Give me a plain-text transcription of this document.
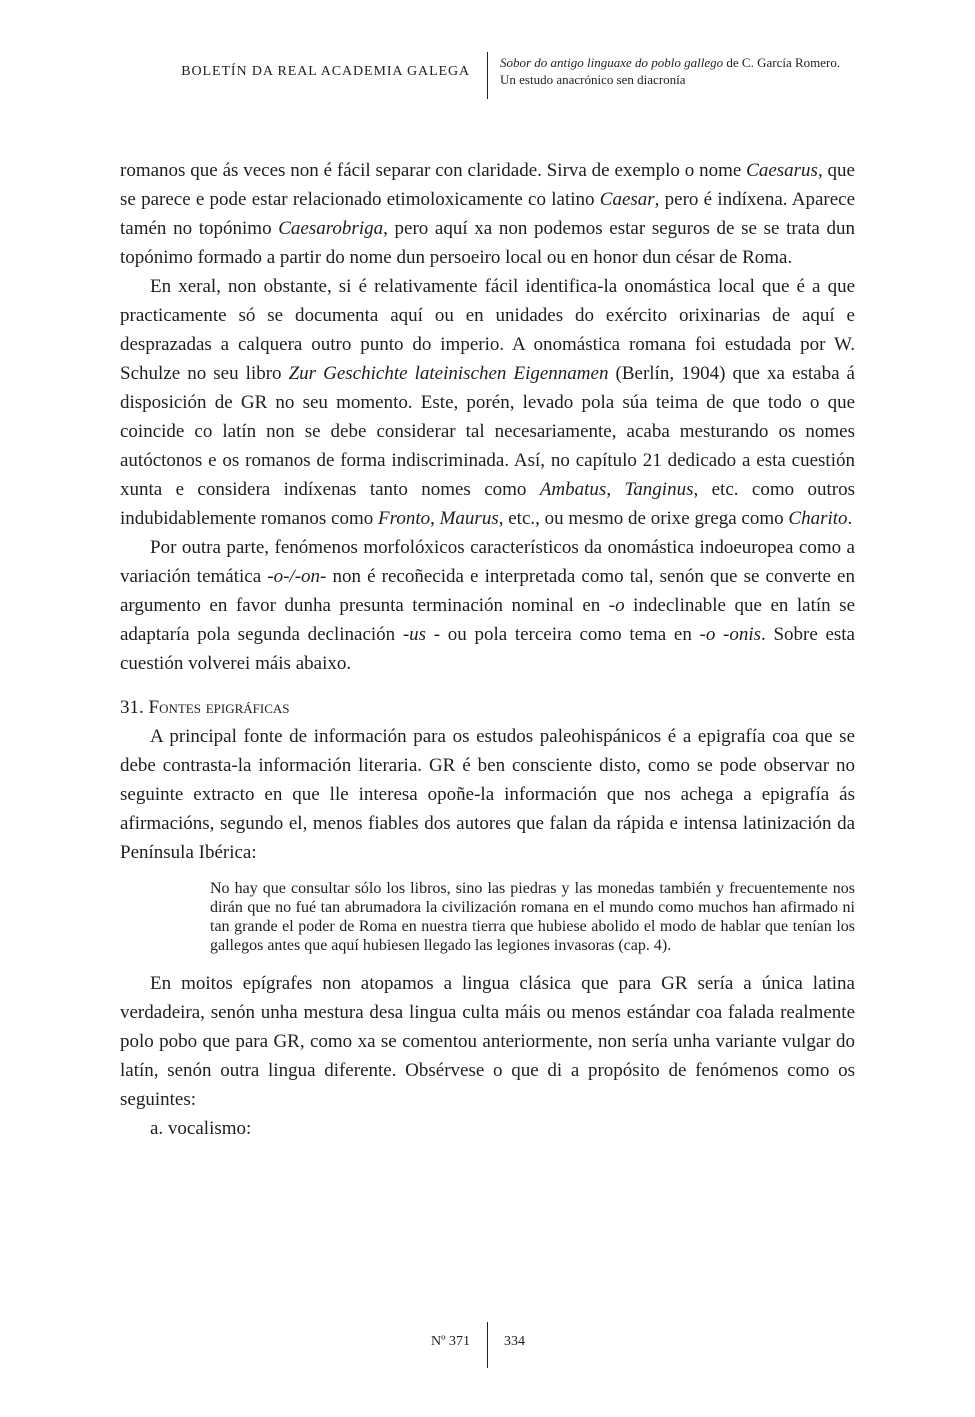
BOLETÍN DA REAL ACADEMIA GALEGA
Sobor do antigo linguaxe do poblo gallego de C. García Romero.
Un estudo anacrónico sen diacronía

romanos que ás veces non é fácil separar con claridade. Sirva de exemplo o nome Caesarus, que se parece e pode estar relacionado etimoloxicamente co latino Caesar, pero é indíxena. Aparece tamén no topónimo Caesarobriga, pero aquí xa non podemos estar seguros de se se trata dun topónimo formado a partir do nome dun persoeiro local ou en honor dun césar de Roma.

En xeral, non obstante, si é relativamente fácil identifica-la onomástica local que é a que practicamente só se documenta aquí ou en unidades do exército orixinarias de aquí e desprazadas a calquera outro punto do imperio. A onomástica romana foi estudada por W. Schulze no seu libro Zur Geschichte lateinischen Eigennamen (Berlín, 1904) que xa estaba á disposición de GR no seu momento. Este, porén, levado pola súa teima de que todo o que coincide co latín non se debe considerar tal necesariamente, acaba mesturando os nomes autóctonos e os romanos de forma indiscriminada. Así, no capítulo 21 dedicado a esta cuestión xunta e considera indíxenas tanto nomes como Ambatus, Tanginus, etc. como outros indubidablemente romanos como Fronto, Maurus, etc., ou mesmo de orixe grega como Charito.

Por outra parte, fenómenos morfolóxicos característicos da onomástica indoeuropea como a variación temática -o-/-on- non é recoñecida e interpretada como tal, senón que se converte en argumento en favor dunha presunta terminación nominal en -o indeclinable que en latín se adaptaría pola segunda declinación -us - ou pola terceira como tema en -o -onis. Sobre esta cuestión volverei máis abaixo.

31. Fontes epigráficas

A principal fonte de información para os estudos paleohispánicos é a epigrafía coa que se debe contrasta-la información literaria. GR é ben consciente disto, como se pode observar no seguinte extracto en que lle interesa opoñe-la información que nos achega a epigrafía ás afirmacións, segundo el, menos fiables dos autores que falan da rápida e intensa latinización da Península Ibérica:

No hay que consultar sólo los libros, sino las piedras y las monedas también y frecuentemente nos dirán que no fué tan abrumadora la civilización romana en el mundo como muchos han afirmado ni tan grande el poder de Roma en nuestra tierra que hubiese abolido el modo de hablar que tenían los gallegos antes que aquí hubiesen llegado las legiones invasoras (cap. 4).

En moitos epígrafes non atopamos a lingua clásica que para GR sería a única latina verdadeira, senón unha mestura desa lingua culta máis ou menos estándar coa falada realmente polo pobo que para GR, como xa se comentou anteriormente, non sería unha variante vulgar do latín, senón outra lingua diferente. Obsérvese o que di a propósito de fenómenos como os seguintes:

a. vocalismo:

Nº 371 334
